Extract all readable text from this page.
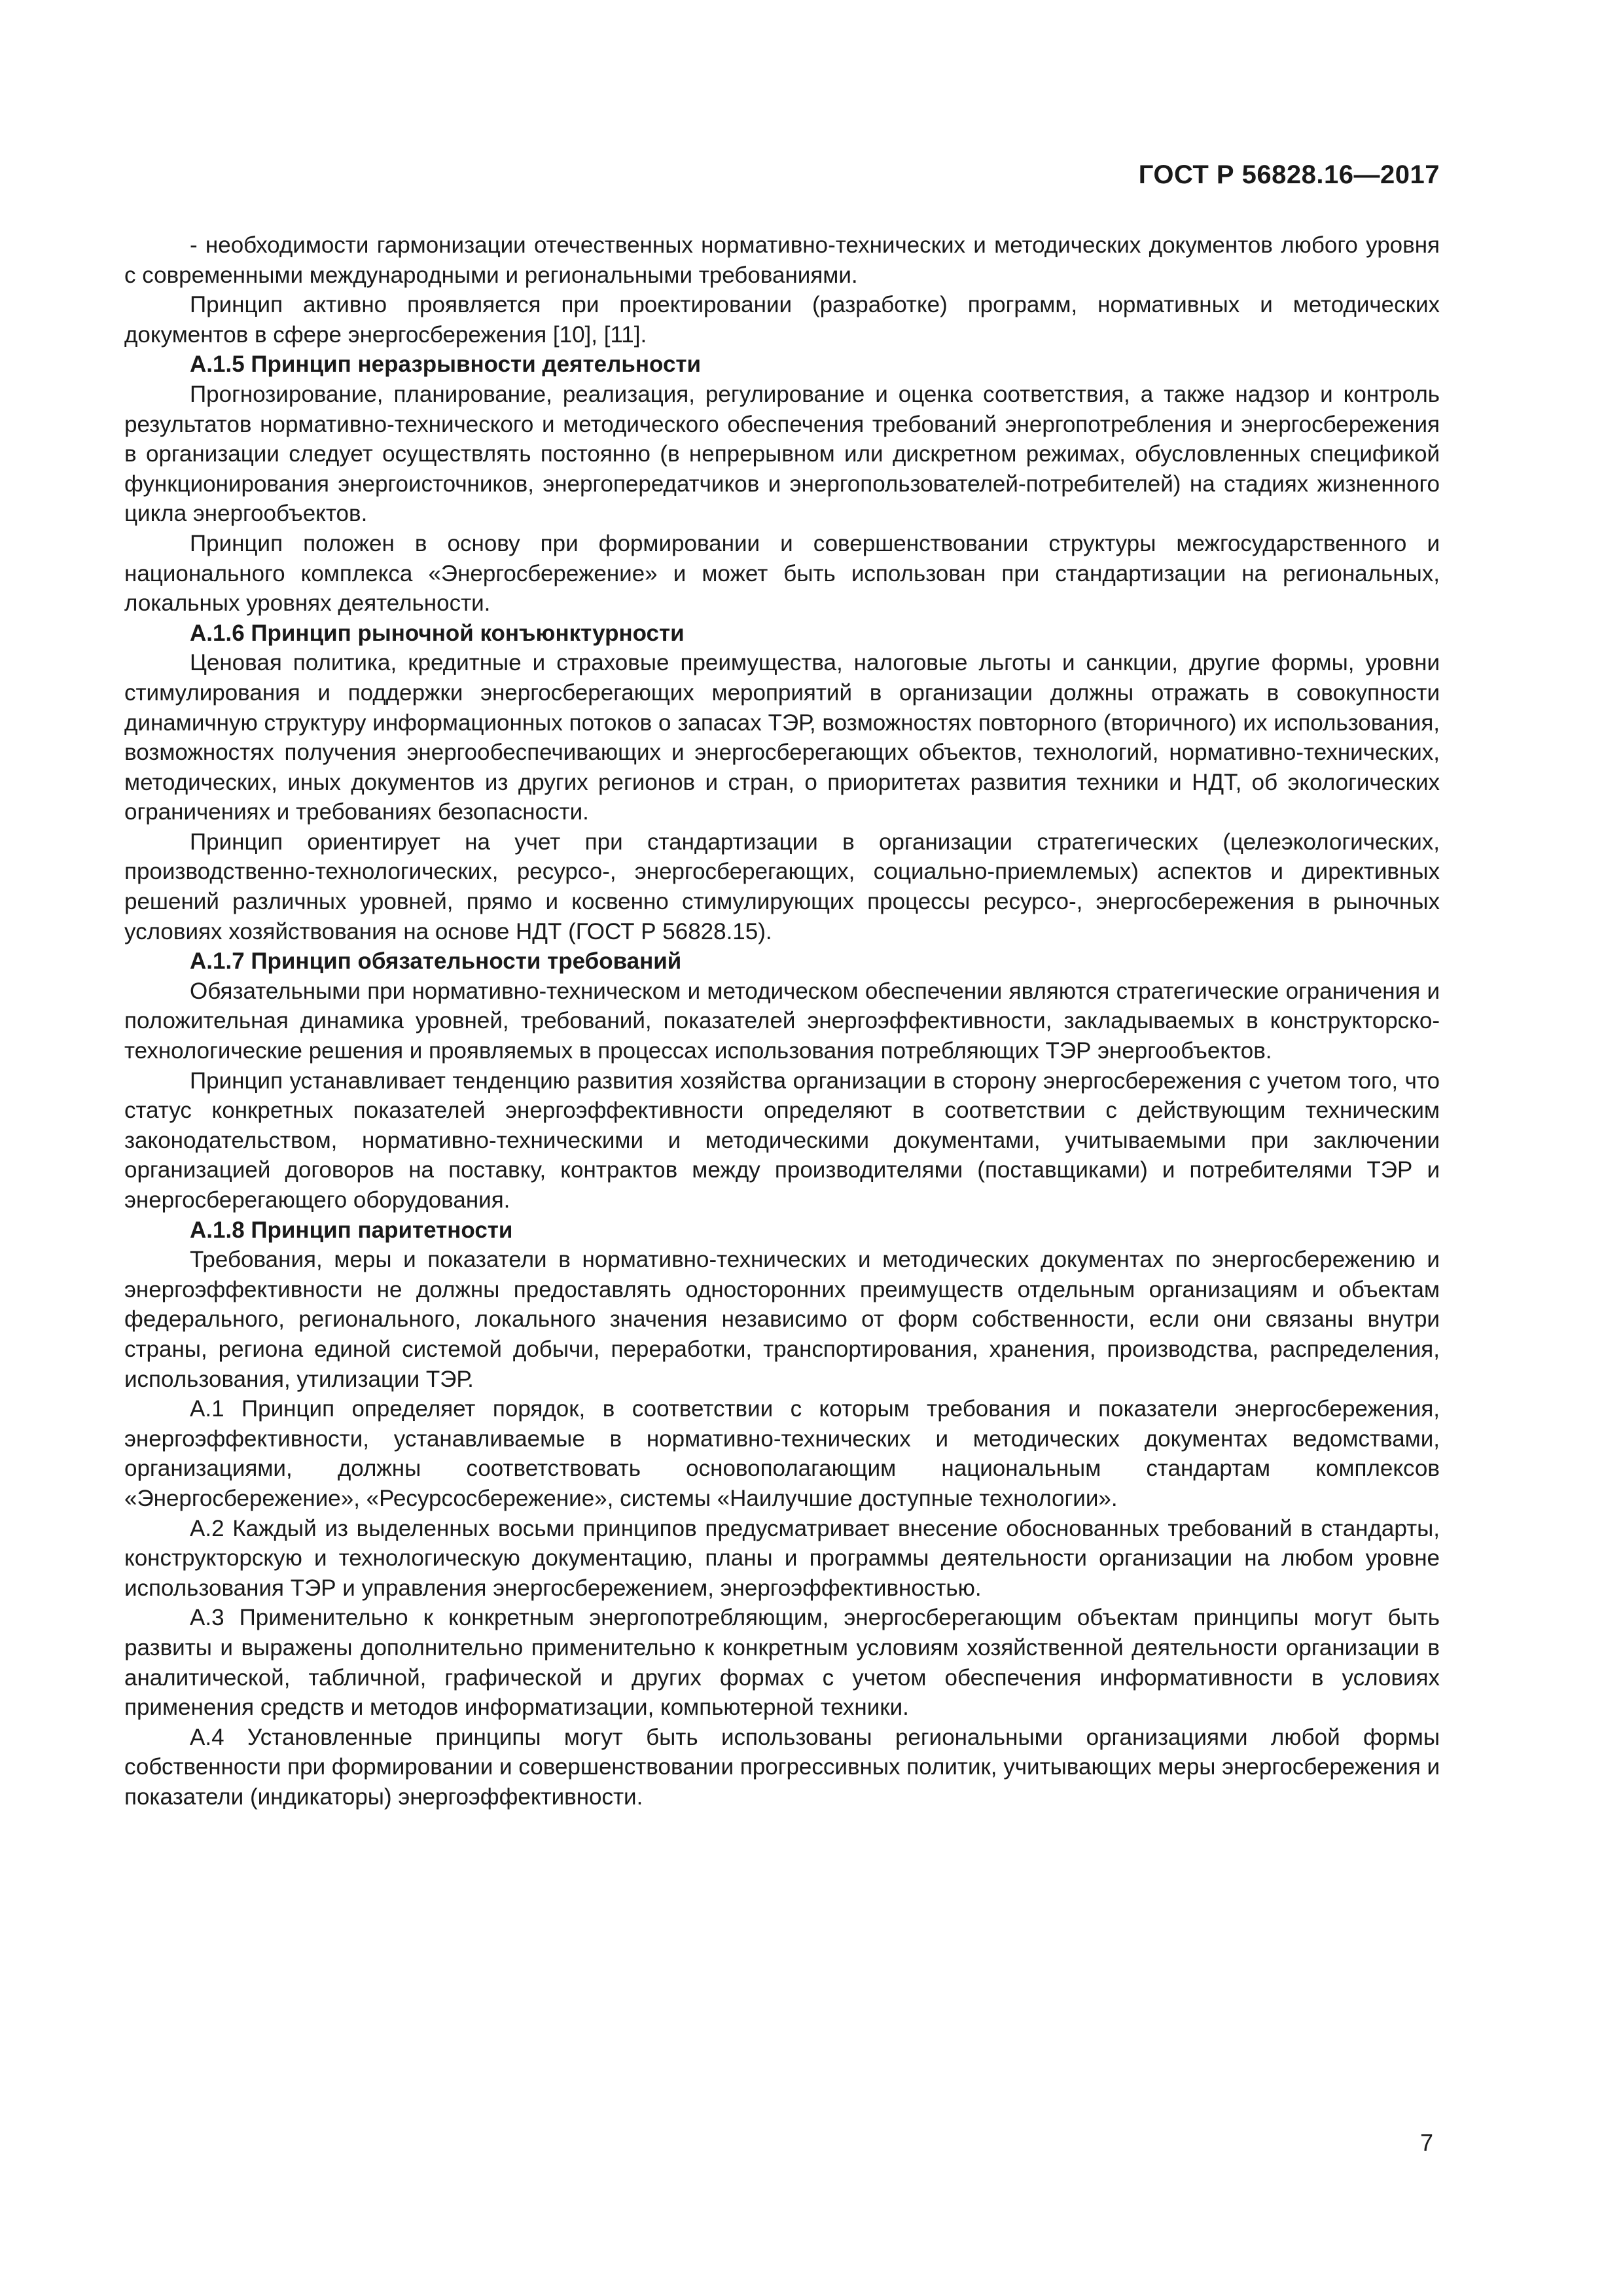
ГОСТ Р 56828.16—2017

- необходимости гармонизации отечественных нормативно-технических и методических документов любого уровня с современными международными и региональными требованиями.

Принцип активно проявляется при проектировании (разработке) программ, нормативных и методических документов в сфере энергосбережения [10], [11].

А.1.5 Принцип неразрывности деятельности

Прогнозирование, планирование, реализация, регулирование и оценка соответствия, а также надзор и контроль результатов нормативно-технического и методического обеспечения требований энергопотребления и энергосбережения в организации следует осуществлять постоянно (в непрерывном или дискретном режимах, обусловленных спецификой функционирования энергоисточников, энергопередатчиков и энергопользователей-потребителей) на стадиях жизненного цикла энергообъектов.

Принцип положен в основу при формировании и совершенствовании структуры межгосударственного и национального комплекса «Энергосбережение» и может быть использован при стандартизации на региональных, локальных уровнях деятельности.

А.1.6 Принцип рыночной конъюнктурности

Ценовая политика, кредитные и страховые преимущества, налоговые льготы и санкции, другие формы, уровни стимулирования и поддержки энергосберегающих мероприятий в организации должны отражать в совокупности динамичную структуру информационных потоков о запасах ТЭР, возможностях повторного (вторичного) их использования, возможностях получения энергообеспечивающих и энергосберегающих объектов, технологий, нормативно-технических, методических, иных документов из других регионов и стран, о приоритетах развития техники и НДТ, об экологических ограничениях и требованиях безопасности.

Принцип ориентирует на учет при стандартизации в организации стратегических (целеэкологических, производственно-технологических, ресурсо-, энергосберегающих, социально-приемлемых) аспектов и директивных решений различных уровней, прямо и косвенно стимулирующих процессы ресурсо-, энергосбережения в рыночных условиях хозяйствования на основе НДТ (ГОСТ Р 56828.15).

А.1.7 Принцип обязательности требований

Обязательными при нормативно-техническом и методическом обеспечении являются стратегические ограничения и положительная динамика уровней, требований, показателей энергоэффективности, закладываемых в конструкторско-технологические решения и проявляемых в процессах использования потребляющих ТЭР энергообъектов.

Принцип устанавливает тенденцию развития хозяйства организации в сторону энергосбережения с учетом того, что статус конкретных показателей энергоэффективности определяют в соответствии с действующим техническим законодательством, нормативно-техническими и методическими документами, учитываемыми при заключении организацией договоров на поставку, контрактов между производителями (поставщиками) и потребителями ТЭР и энергосберегающего оборудования.

А.1.8 Принцип паритетности

Требования, меры и показатели в нормативно-технических и методических документах по энергосбережению и энергоэффективности не должны предоставлять односторонних преимуществ отдельным организациям и объектам федерального, регионального, локального значения независимо от форм собственности, если они связаны внутри страны, региона единой системой добычи, переработки, транспортирования, хранения, производства, распределения, использования, утилизации ТЭР.

А.1 Принцип определяет порядок, в соответствии с которым требования и показатели энергосбережения, энергоэффективности, устанавливаемые в нормативно-технических и методических документах ведомствами, организациями, должны соответствовать основополагающим национальным стандартам комплексов «Энергосбережение», «Ресурсосбережение», системы «Наилучшие доступные технологии».

А.2 Каждый из выделенных восьми принципов предусматривает внесение обоснованных требований в стандарты, конструкторскую и технологическую документацию, планы и программы деятельности организации на любом уровне использования ТЭР и управления энергосбережением, энергоэффективностью.

А.3 Применительно к конкретным энергопотребляющим, энергосберегающим объектам принципы могут быть развиты и выражены дополнительно применительно к конкретным условиям хозяйственной деятельности организации в аналитической, табличной, графической и других формах с учетом обеспечения информативности в условиях применения средств и методов информатизации, компьютерной техники.

А.4 Установленные принципы могут быть использованы региональными организациями любой формы собственности при формировании и совершенствовании прогрессивных политик, учитывающих меры энергосбережения и показатели (индикаторы) энергоэффективности.

7
